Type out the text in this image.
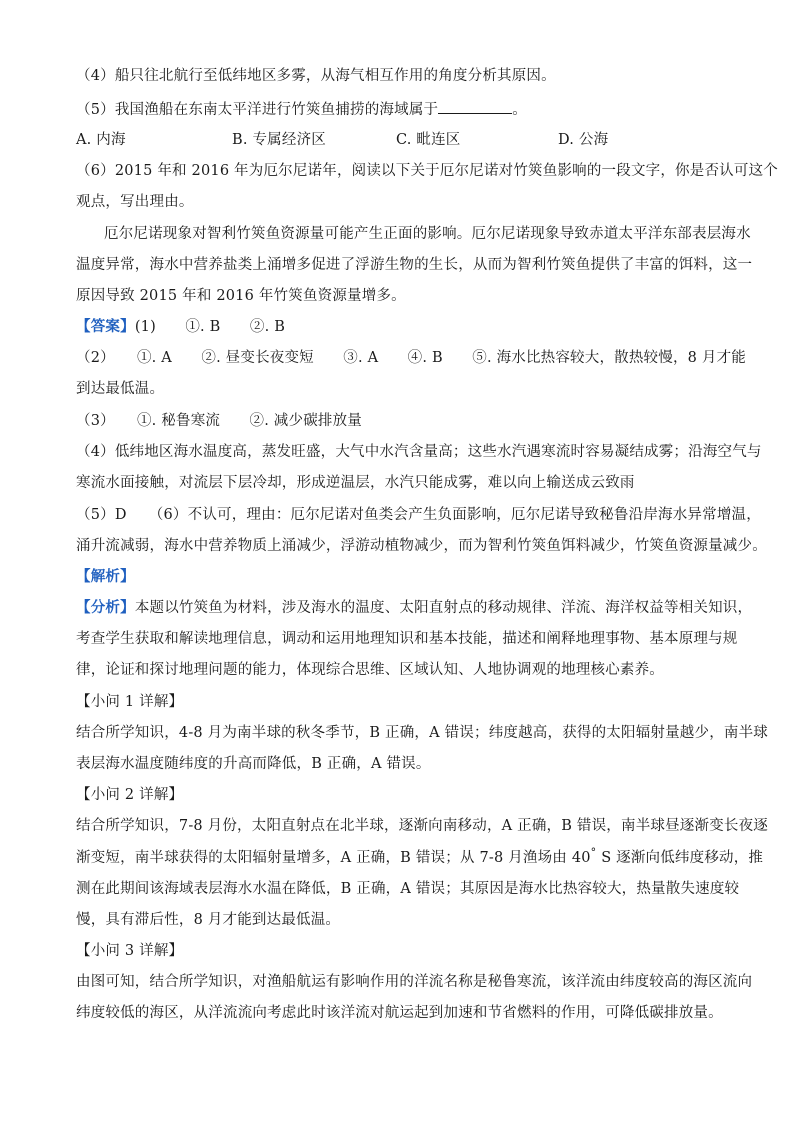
（4）船只往北航行至低纬地区多雾，从海气相互作用的角度分析其原因。
（5）我国渔船在东南太平洋进行竹筴鱼捕捞的海域属于	。
A. 内海	B. 专属经济区	C. 毗连区	D. 公海
（6）2015 年和 2016 年为厄尔尼诺年，阅读以下关于厄尔尼诺对竹筴鱼影响的一段文字，你是否认可这个
观点，写出理由。
厄尔尼诺现象对智利竹筴鱼资源量可能产生正面的影响。厄尔尼诺现象导致赤道太平洋东部表层海水
温度异常，海水中营养盐类上涌增多促进了浮游生物的生长，从而为智利竹筴鱼提供了丰富的饵料，这一
原因导致 2015 年和 2016 年竹筴鱼资源量增多。
【答案】(1)　　①. B　　②. B
（2）　　①. A　　②. 昼变长夜变短　　③. A　　④. B　　⑤. 海水比热容较大，散热较慢，8 月才能
到达最低温。
（3）　　①. 秘鲁寒流　　②. 减少碳排放量
（4）低纬地区海水温度高，蒸发旺盛，大气中水汽含量高；这些水汽遇寒流时容易凝结成雾；沿海空气与
寒流水面接触，对流层下层冷却，形成逆温层，水汽只能成雾，难以向上输送成云致雨
（5）D　　（6）不认可，理由：厄尔尼诺对鱼类会产生负面影响，厄尔尼诺导致秘鲁沿岸海水异常增温，
涌升流减弱，海水中营养物质上涌减少，浮游动植物减少，而为智利竹筴鱼饵料减少，竹筴鱼资源量减少。
【解析】
【分析】本题以竹筴鱼为材料，涉及海水的温度、太阳直射点的移动规律、洋流、海洋权益等相关知识，
考查学生获取和解读地理信息，调动和运用地理知识和基本技能，描述和阐释地理事物、基本原理与规
律，论证和探讨地理问题的能力，体现综合思维、区域认知、人地协调观的地理核心素养。
【小问 1 详解】
结合所学知识，4-8 月为南半球的秋冬季节，B 正确，A 错误；纬度越高，获得的太阳辐射量越少，南半球
表层海水温度随纬度的升高而降低，B 正确，A 错误。
【小问 2 详解】
结合所学知识，7-8 月份，太阳直射点在北半球，逐渐向南移动，A 正确，B 错误，南半球昼逐渐变长夜逐
渐变短，南半球获得的太阳辐射量增多，A 正确，B 错误；从 7-8 月渔场由 40° S 逐渐向低纬度移动，推
测在此期间该海域表层海水水温在降低，B 正确，A 错误；其原因是海水比热容较大，热量散失速度较
慢，具有滞后性，8 月才能到达最低温。
【小问 3 详解】
由图可知，结合所学知识，对渔船航运有影响作用的洋流名称是秘鲁寒流，该洋流由纬度较高的海区流向
纬度较低的海区，从洋流流向考虑此时该洋流对航运起到加速和节省燃料的作用，可降低碳排放量。
